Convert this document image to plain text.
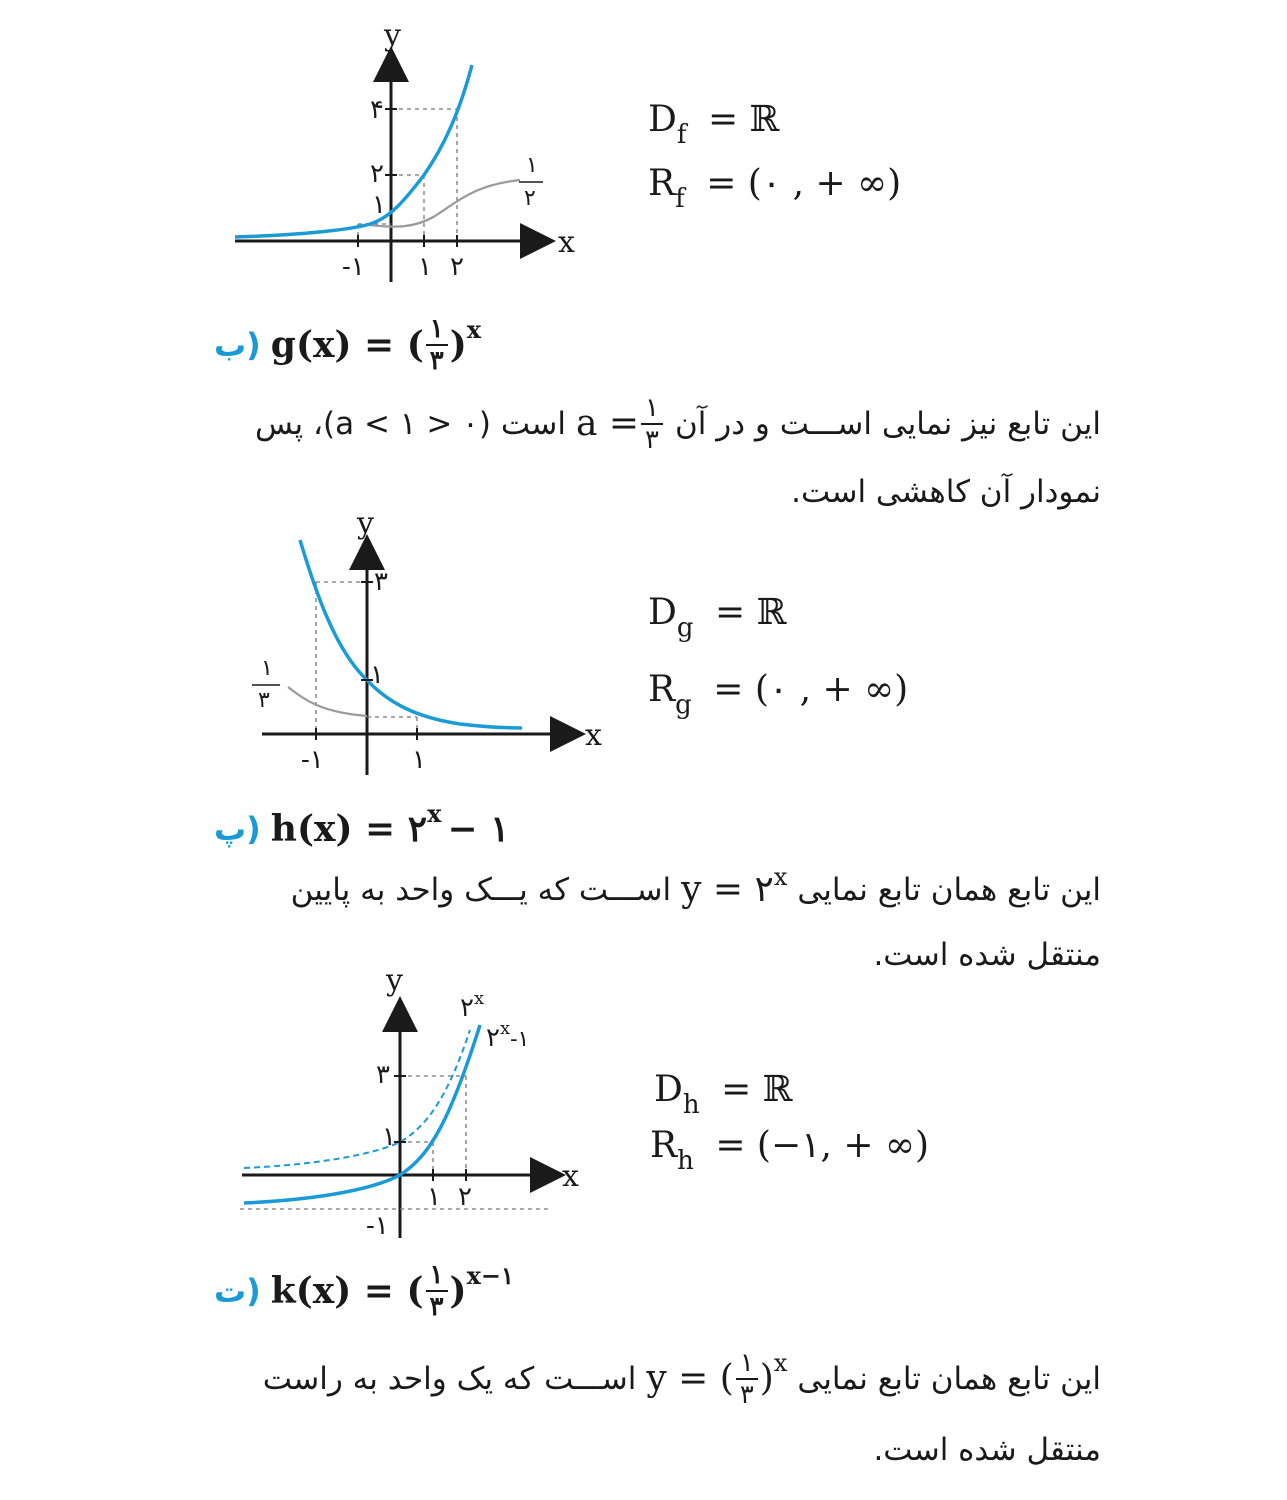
y
x
۴
۲
۱
-۱ ۱ ۲
۱
۲
$D_f$ = ℝ
$R_f$ = (۰ , + ∞)
ب) g(x) = ( $\frac{۱}{۳}$ ) x
این تابع نیز نمایی اســـت و در آن
$a = \frac{۱}{۳}$
است
(۰ < a < ۱)، پس
نمودار آن کاهشی است.
y
x
۳
۱
-۱	۱
۱
۳
$D_g$ = ℝ
$R_g$ = (۰ , + ∞)
پ) h(x) = ۲ x − ۱
این تابع همان تابع نمایی
$y = ۲^x$
اســـت که یـــک واحد به پایین
منتقل شده است.
y
x
۳
۱
-۱
۱ ۲
۲$^x$
$۲^x_{-۱}$
$D_h$ = ℝ
$R_h$ = (−۱, + ∞)
ت) k(x) = ( $\frac{۱}{۳}$ ) x−۱
این تابع همان تابع نمایی
y = ( $\frac{۱}{۳}$ ) x
اســـت که یک واحد به راست
منتقل شده است.
